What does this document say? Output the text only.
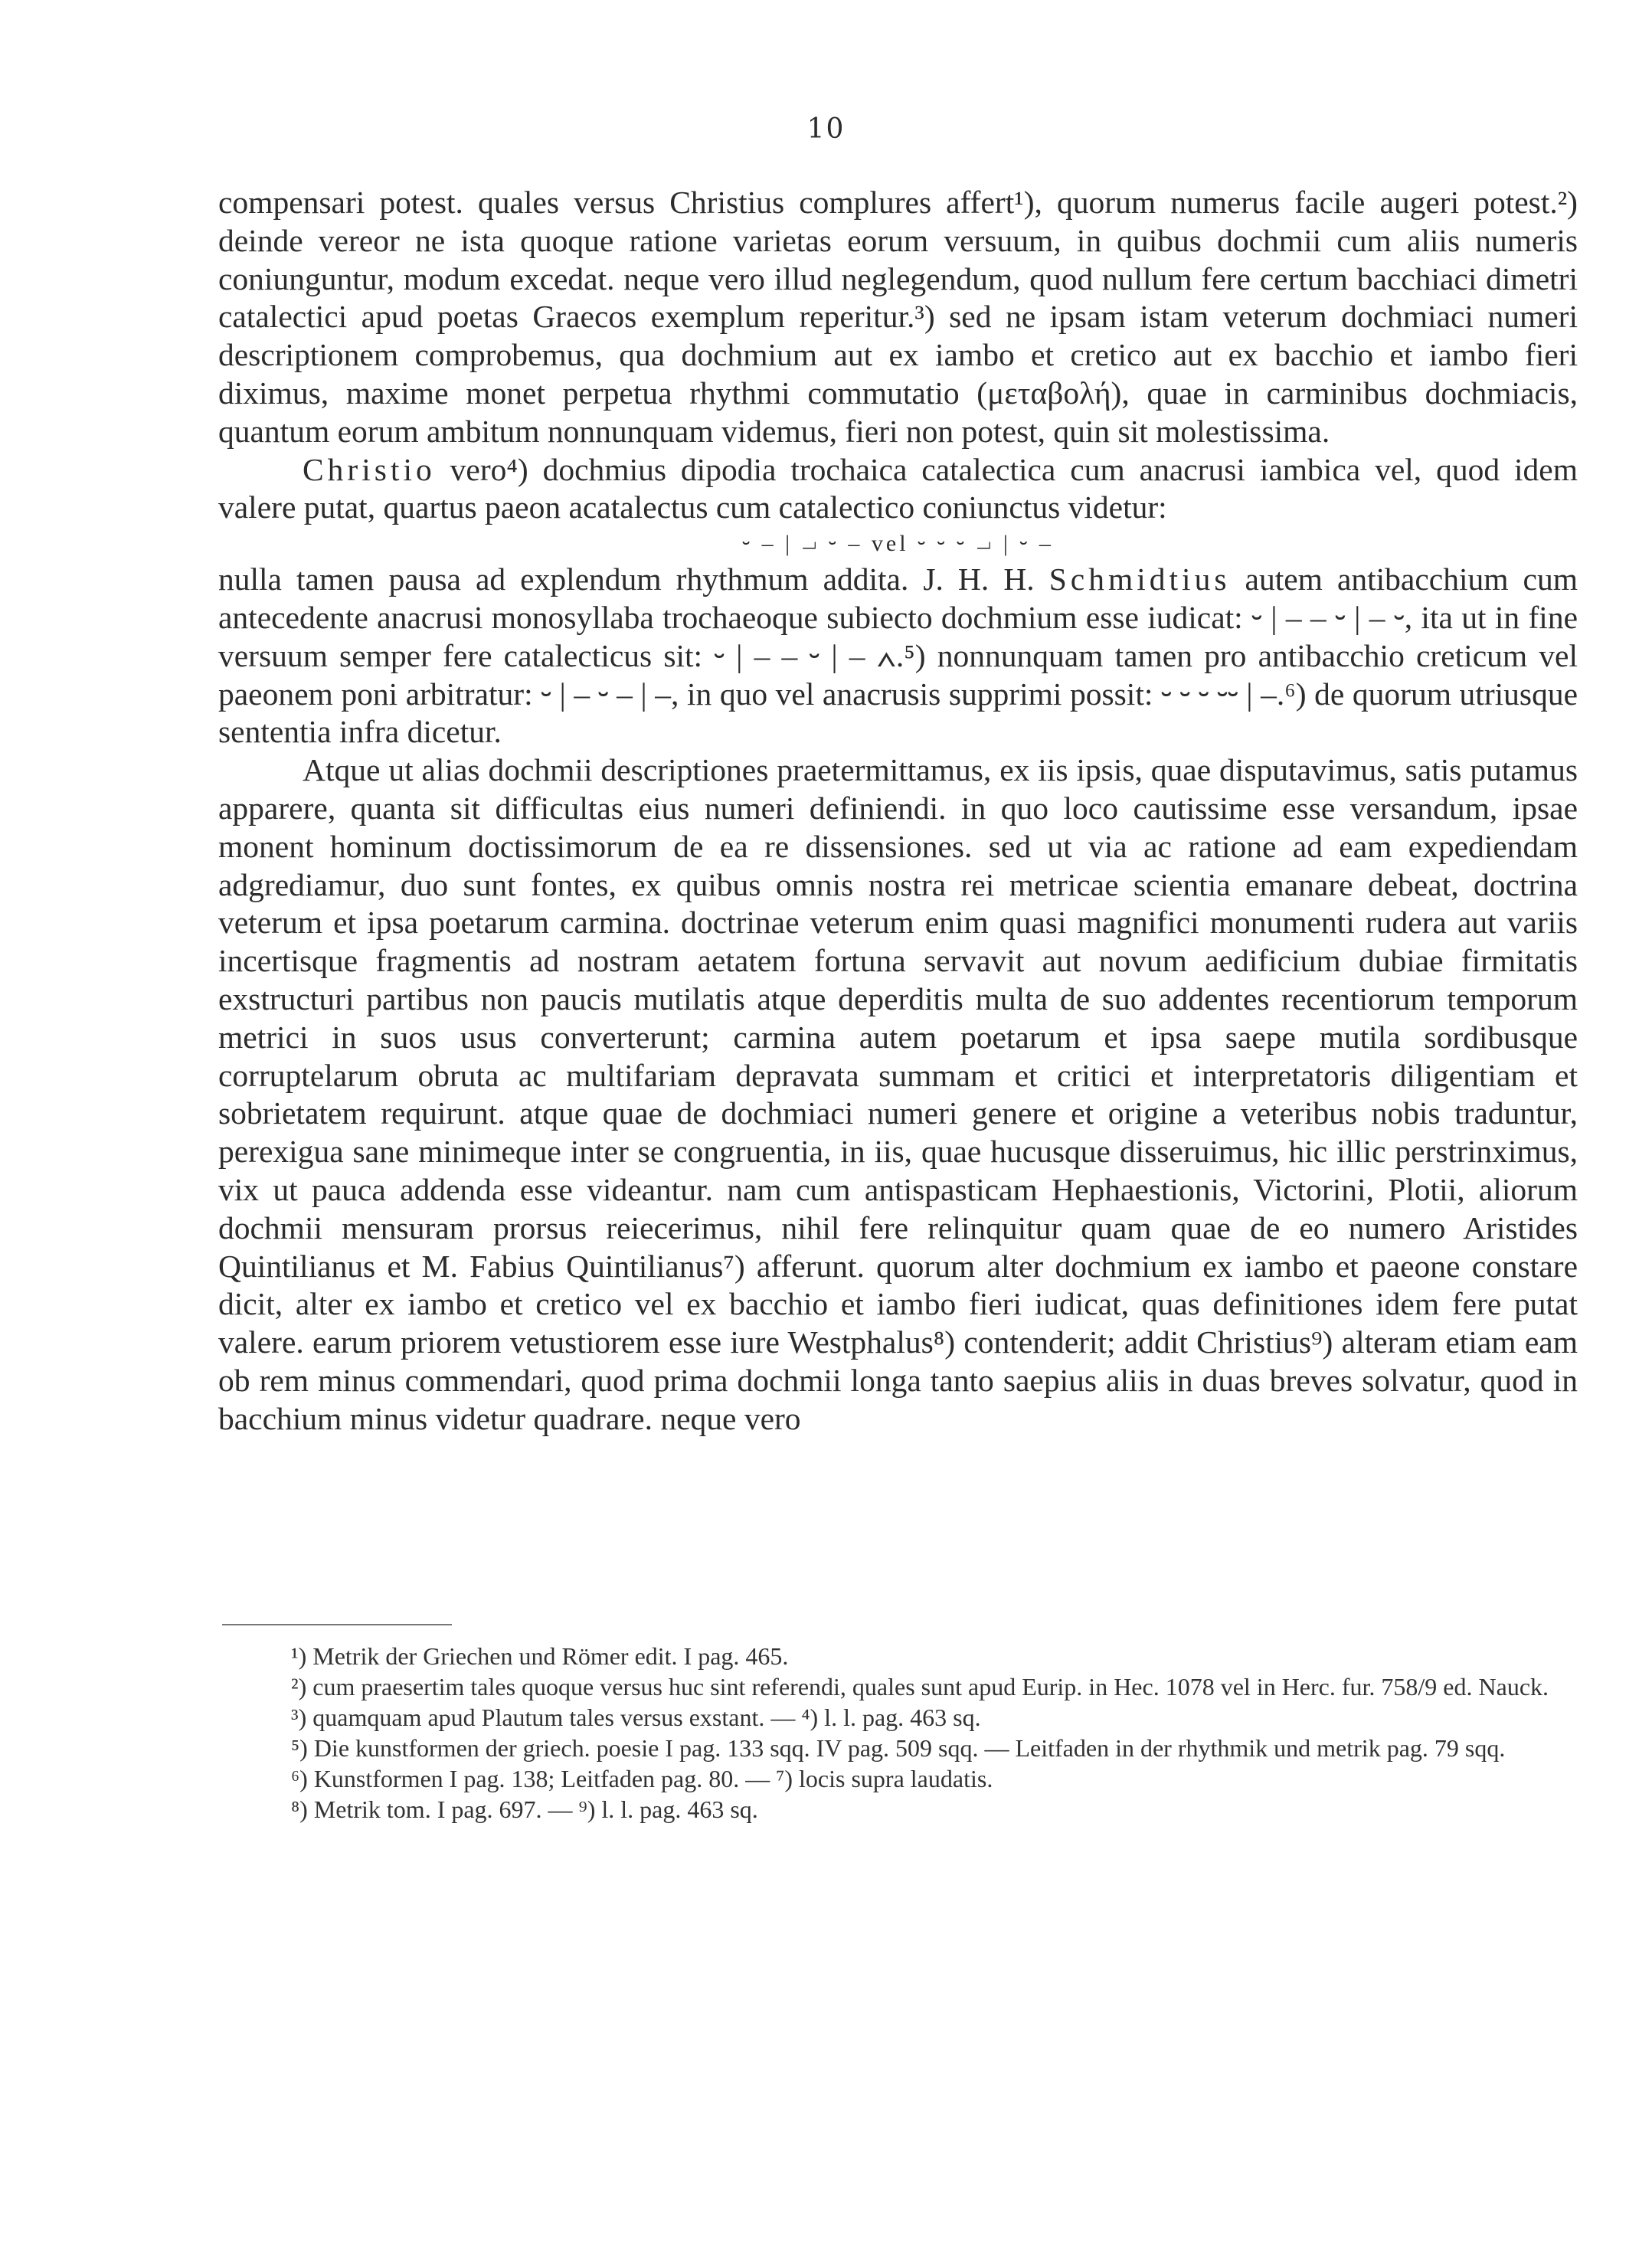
10

compensari potest. quales versus Christius complures affert¹), quorum numerus facile augeri potest.²) deinde vereor ne ista quoque ratione varietas eorum versuum, in quibus dochmii cum aliis numeris coniunguntur, modum excedat. neque vero illud neglegendum, quod nullum fere certum bacchiaci dimetri catalectici apud poetas Graecos exemplum reperitur.³) sed ne ipsam istam veterum dochmiaci numeri descriptionem comprobemus, qua dochmium aut ex iambo et cretico aut ex bacchio et iambo fieri diximus, maxime monet perpetua rhythmi commutatio (μεταβολή), quae in carminibus dochmiacis, quantum eorum ambitum nonnunquam videmus, fieri non potest, quin sit molestissima.

Christio vero⁴) dochmius dipodia trochaica catalectica cum anacrusi iambica vel, quod idem valere putat, quartus paeon acatalectus cum catalectico coniunctus videtur:

⏑ – | ⏗ ⏑ – vel ⏑ ⏑ ⏑ ⏗ | ⏑ –

nulla tamen pausa ad explendum rhythmum addita. J. H. H. Schmidtius autem antibacchium cum antecedente anacrusi monosyllaba trochaeoque subiecto dochmium esse iudicat: ⏑ | – – ⏑ | – ⏑, ita ut in fine versuum semper fere catalecticus sit: ⏑ | – – ⏑ | – ∧.⁵) nonnunquam tamen pro antibacchio creticum vel paeonem poni arbitratur: ⏑ | – ⏑ – | –, in quo vel anacrusis supprimi possit: ⏑ ⏑ ⏑ ⏑⏑ | –.⁶) de quorum utriusque sententia infra dicetur.

Atque ut alias dochmii descriptiones praetermittamus, ex iis ipsis, quae disputavimus, satis putamus apparere, quanta sit difficultas eius numeri definiendi. in quo loco cautissime esse versandum, ipsae monent hominum doctissimorum de ea re dissensiones. sed ut via ac ratione ad eam expediendam adgrediamur, duo sunt fontes, ex quibus omnis nostra rei metricae scientia emanare debeat, doctrina veterum et ipsa poetarum carmina. doctrinae veterum enim quasi magnifici monumenti rudera aut variis incertisque fragmentis ad nostram aetatem fortuna servavit aut novum aedificium dubiae firmitatis exstructuri partibus non paucis mutilatis atque deperditis multa de suo addentes recentiorum temporum metrici in suos usus converterunt; carmina autem poetarum et ipsa saepe mutila sordibusque corruptelarum obruta ac multifariam depravata summam et critici et interpretatoris diligentiam et sobrietatem requirunt. atque quae de dochmiaci numeri genere et origine a veteribus nobis traduntur, perexigua sane minimeque inter se congruentia, in iis, quae hucusque disseruimus, hic illic perstrinximus, vix ut pauca addenda esse videantur. nam cum antispasticam Hephaestionis, Victorini, Plotii, aliorum dochmii mensuram prorsus reiecerimus, nihil fere relinquitur quam quae de eo numero Aristides Quintilianus et M. Fabius Quintilianus⁷) afferunt. quorum alter dochmium ex iambo et paeone constare dicit, alter ex iambo et cretico vel ex bacchio et iambo fieri iudicat, quas definitiones idem fere putat valere. earum priorem vetustiorem esse iure Westphalus⁸) contenderit; addit Christius⁹) alteram etiam eam ob rem minus commendari, quod prima dochmii longa tanto saepius aliis in duas breves solvatur, quod in bacchium minus videtur quadrare. neque vero

¹) Metrik der Griechen und Römer edit. I pag. 465.

²) cum praesertim tales quoque versus huc sint referendi, quales sunt apud Eurip. in Hec. 1078 vel in Herc. fur. 758/9 ed. Nauck.

³) quamquam apud Plautum tales versus exstant. — ⁴) l. l. pag. 463 sq.

⁵) Die kunstformen der griech. poesie I pag. 133 sqq. IV pag. 509 sqq. — Leitfaden in der rhythmik und metrik pag. 79 sqq.

⁶) Kunstformen I pag. 138; Leitfaden pag. 80. — ⁷) locis supra laudatis.

⁸) Metrik tom. I pag. 697. — ⁹) l. l. pag. 463 sq.
